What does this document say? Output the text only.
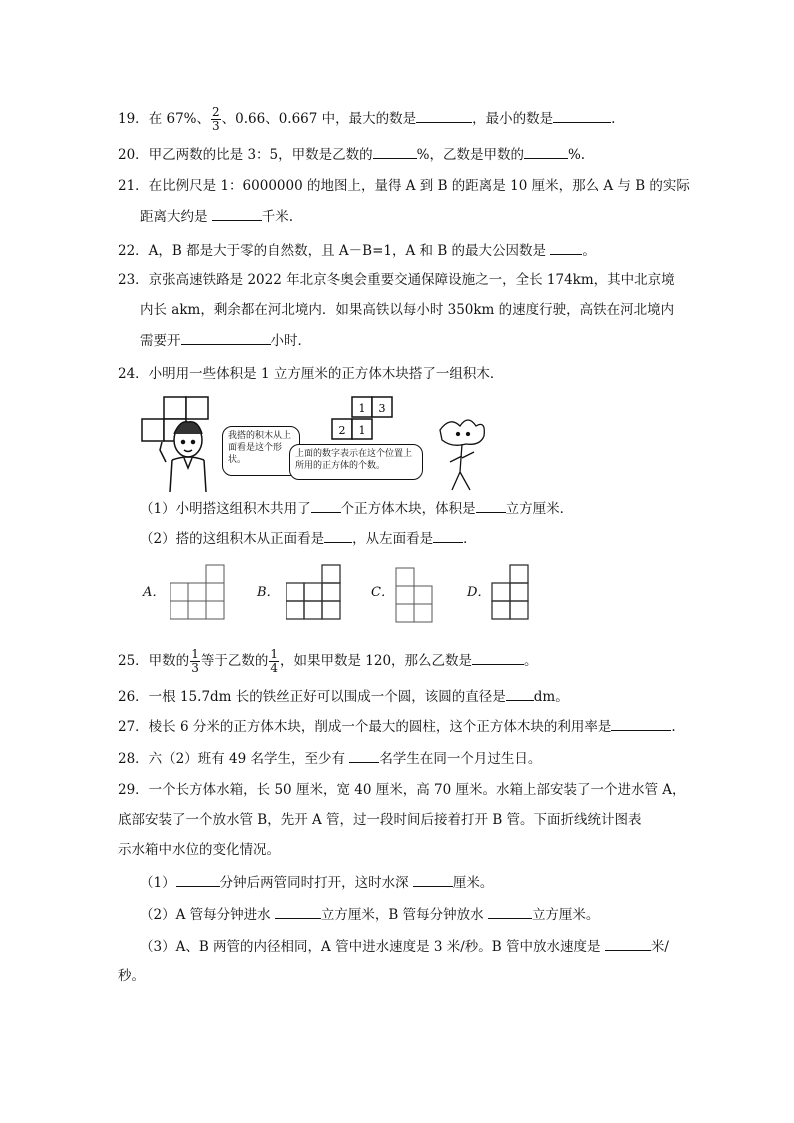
19．在 67%、 $\frac{2}{3}$ 、0.66、0.667 中，最大的数是	，最小的数是	.
20．甲乙两数的比是 3：5，甲数是乙数的	%，乙数是甲数的	%.
21．在比例尺是 1：6000000 的地图上，量得 A 到 B 的距离是 10 厘米，那么 A 与 B 的实际
距离大约是	千米.
22．A，B 都是大于零的自然数，且 A－B=1，A 和 B 的最大公因数是 。
23．京张高速铁路是 2022 年北京冬奥会重要交通保障设施之一，全长 174km，其中北京境
内长 akm，剩余都在河北境内．如果高铁以每小时 350km 的速度行驶，高铁在河北境内
需要开	小时．
24．小明用一些体积是 1 立方厘米的正方体木块搭了一组积木．
1 3
2 1
我搭的积木从上面看是这个形状。
上面的数字表示在这个位置上所用的正方体的个数。
（1）小明搭这组积木共用了 个正方体木块，体积是 立方厘米．
（2）搭的这组积木从正面看是 ，从左面看是 ．
A．	B．	C．	D．
25．甲数的 $\frac{1}{3}$ 等于乙数的 $\frac{1}{4}$ ，如果甲数是 120，那么乙数是	。
26．一根 15.7dm 长的铁丝正好可以围成一个圆，该圆的直径是 dm。
27．棱长 6 分米的正方体木块，削成一个最大的圆柱，这个正方体木块的利用率是	.
28．六（2）班有 49 名学生，至少有 名学生在同一个月过生日。
29．一个长方体水箱，长 50 厘米，宽 40 厘米，高 70 厘米。水箱上部安装了一个进水管 A，
底部安装了一个放水管 B，先开 A 管，过一段时间后接着打开 B 管。下面折线统计图表
示水箱中水位的变化情况。
（1）	分钟后两管同时打开，这时水深	厘米。
（2）A 管每分钟进水	立方厘米，B 管每分钟放水	立方厘米。
（3）A、B 两管的内径相同，A 管中进水速度是 3 米/秒。B 管中放水速度是	米/
秒。
